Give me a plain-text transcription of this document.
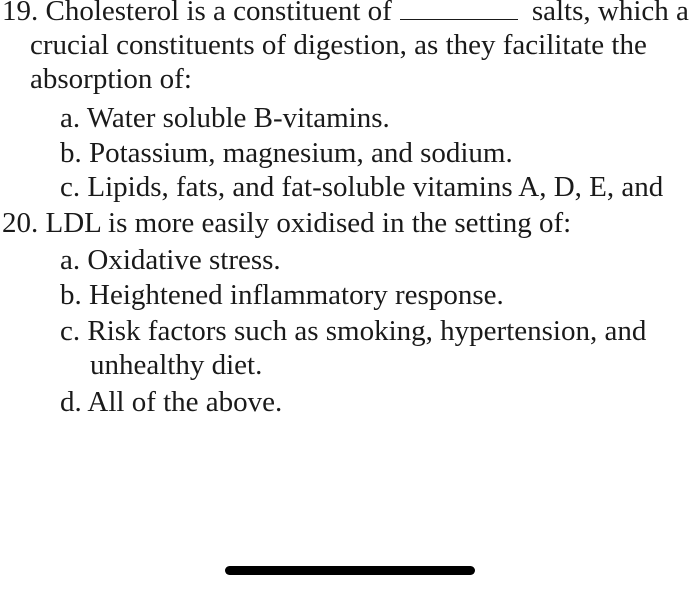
19. Cholesterol is a constituent of	salts, which a
crucial constituents of digestion, as they facilitate the
absorption of:
a. Water soluble B-vitamins.
b. Potassium, magnesium, and sodium.
c. Lipids, fats, and fat-soluble vitamins A, D, E, and
20. LDL is more easily oxidised in the setting of:
a. Oxidative stress.
b. Heightened inflammatory response.
c. Risk factors such as smoking, hypertension, and
unhealthy diet.
d. All of the above.
